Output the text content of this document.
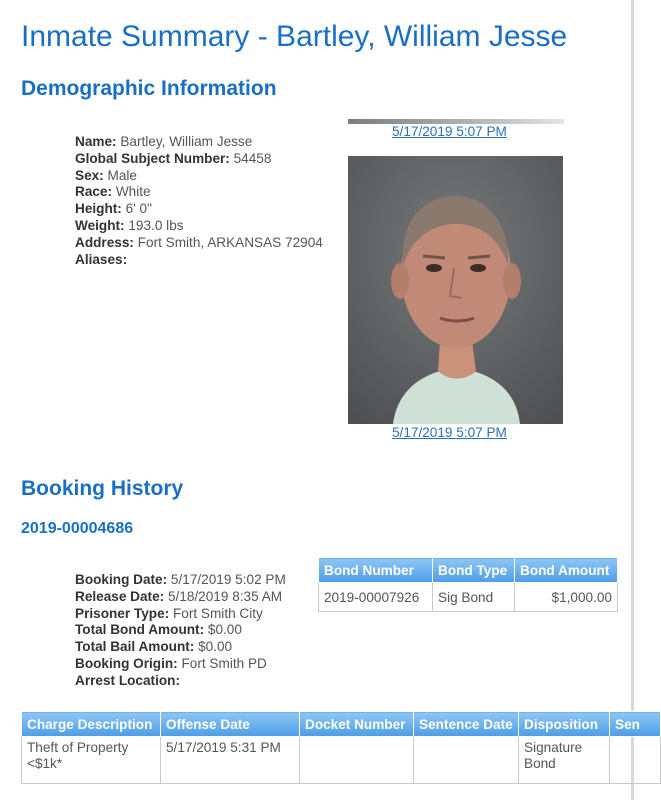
Inmate Summary - Bartley, William Jesse
Demographic Information
Name: Bartley, William Jesse
Global Subject Number: 54458
Sex: Male
Race: White
Height: 6' 0"
Weight: 193.0 lbs
Address: Fort Smith, ARKANSAS 72904
Aliases:
5/17/2019 5:07 PM
5/17/2019 5:07 PM
Booking History
2019-00004686
Booking Date: 5/17/2019 5:02 PM
Release Date: 5/18/2019 8:35 AM
Prisoner Type: Fort Smith City
Total Bond Amount: $0.00
Total Bail Amount: $0.00
Booking Origin: Fort Smith PD
Arrest Location:
Bond Number	Bond Type	Bond Amount
2019-00007926	Sig Bond	$1,000.00
Charge Description	Offense Date	Docket Number	Sentence Date	Disposition	Sen
Theft of Property <$1k*	5/17/2019 5:31 PM			Signature Bond	
